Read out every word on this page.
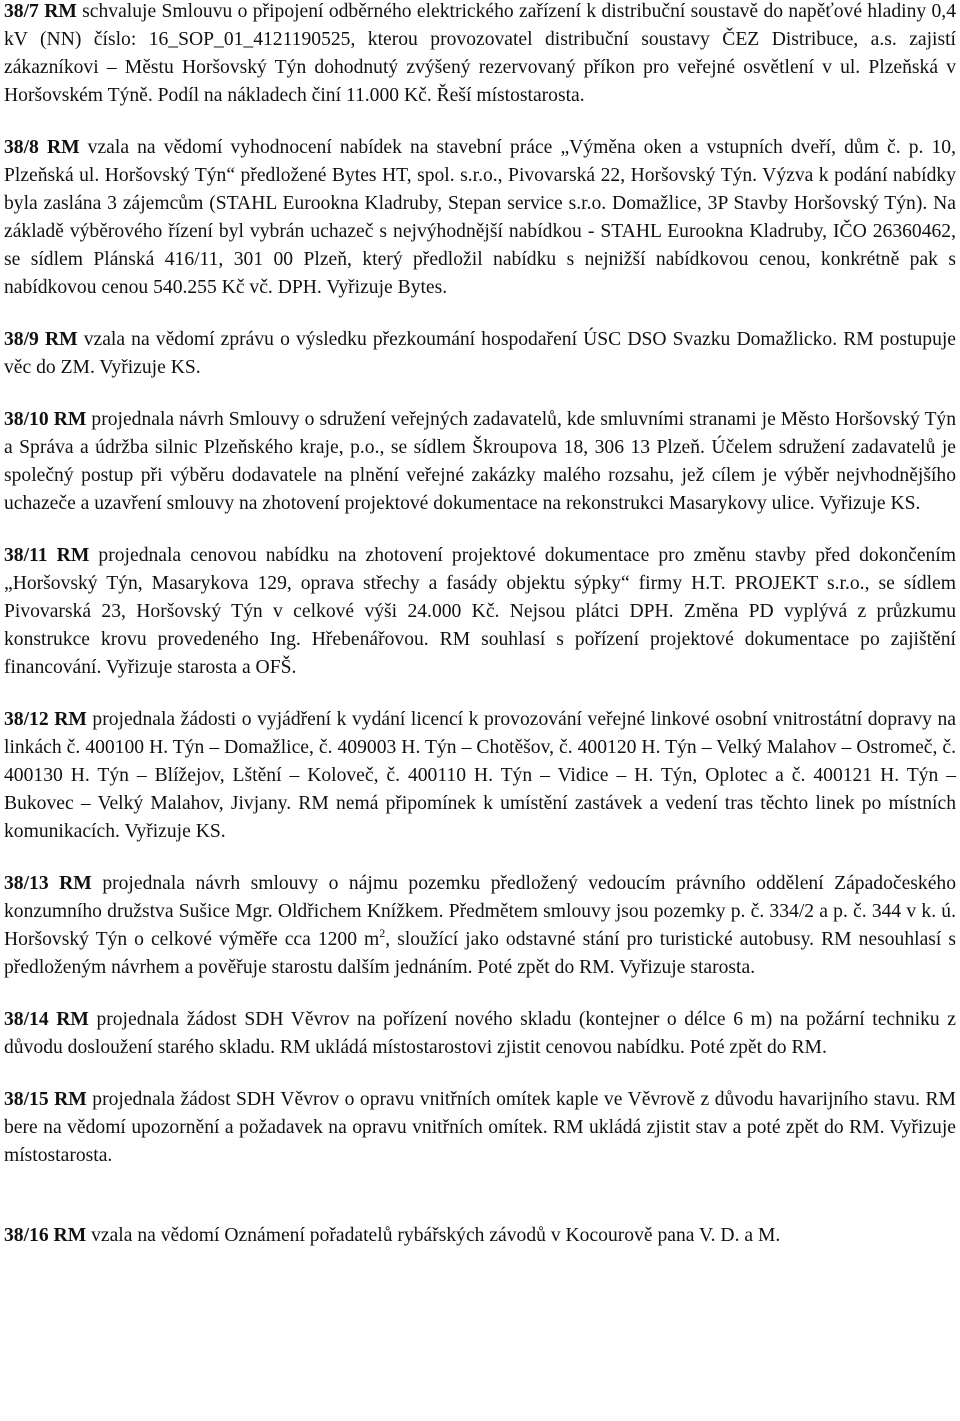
38/7 RM schvaluje Smlouvu o připojení odběrného elektrického zařízení k distribuční soustavě do napěťové hladiny 0,4 kV (NN) číslo: 16_SOP_01_4121190525, kterou provozovatel distribuční soustavy ČEZ Distribuce, a.s. zajistí zákazníkovi – Městu Horšovský Týn dohodnutý zvýšený rezervovaný příkon pro veřejné osvětlení v ul. Plzeňská v Horšovském Týně. Podíl na nákladech činí 11.000 Kč. Řeší místostarosta.

38/8 RM vzala na vědomí vyhodnocení nabídek na stavební práce „Výměna oken a vstupních dveří, dům č. p. 10, Plzeňská ul. Horšovský Týn“ předložené Bytes HT, spol. s.r.o., Pivovarská 22, Horšovský Týn. Výzva k podání nabídky byla zaslána 3 zájemcům (STAHL Eurookna Kladruby, Stepan service s.r.o. Domažlice, 3P Stavby Horšovský Týn). Na základě výběrového řízení byl vybrán uchazeč s nejvýhodnější nabídkou - STAHL Eurookna Kladruby, IČO 26360462, se sídlem Plánská 416/11, 301 00 Plzeň, který předložil nabídku s nejnižší nabídkovou cenou, konkrétně pak s nabídkovou cenou 540.255 Kč vč. DPH. Vyřizuje Bytes.

38/9 RM vzala na vědomí zprávu o výsledku přezkoumání hospodaření ÚSC DSO Svazku Domažlicko. RM postupuje věc do ZM. Vyřizuje KS.

38/10 RM projednala návrh Smlouvy o sdružení veřejných zadavatelů, kde smluvními stranami je Město Horšovský Týn a Správa a údržba silnic Plzeňského kraje, p.o., se sídlem Škroupova 18, 306 13 Plzeň. Účelem sdružení zadavatelů je společný postup při výběru dodavatele na plnění veřejné zakázky malého rozsahu, jež cílem je výběr nejvhodnějšího uchazeče a uzavření smlouvy na zhotovení projektové dokumentace na rekonstrukci Masarykovy ulice. Vyřizuje KS.

38/11 RM projednala cenovou nabídku na zhotovení projektové dokumentace pro změnu stavby před dokončením „Horšovský Týn, Masarykova 129, oprava střechy a fasády objektu sýpky“ firmy H.T. PROJEKT s.r.o., se sídlem Pivovarská 23, Horšovský Týn v celkové výši 24.000 Kč. Nejsou plátci DPH. Změna PD vyplývá z průzkumu konstrukce krovu provedeného Ing. Hřebenářovou. RM souhlasí s pořízení projektové dokumentace po zajištění financování. Vyřizuje starosta a OFŠ.

38/12 RM projednala žádosti o vyjádření k vydání licencí k provozování veřejné linkové osobní vnitrostátní dopravy na linkách č. 400100 H. Týn – Domažlice, č. 409003 H. Týn – Chotěšov, č. 400120 H. Týn – Velký Malahov – Ostromeč, č. 400130 H. Týn – Blížejov, Lštění – Koloveč, č. 400110 H. Týn – Vidice – H. Týn, Oplotec a č. 400121 H. Týn – Bukovec – Velký Malahov, Jivjany. RM nemá připomínek k umístění zastávek a vedení tras těchto linek po místních komunikacích. Vyřizuje KS.

38/13 RM projednala návrh smlouvy o nájmu pozemku předložený vedoucím právního oddělení Západočeského konzumního družstva Sušice Mgr. Oldřichem Knížkem. Předmětem smlouvy jsou pozemky p. č. 334/2 a p. č. 344 v k. ú. Horšovský Týn o celkové výměře cca 1200 $m^2$, sloužící jako odstavné stání pro turistické autobusy. RM nesouhlasí s předloženým návrhem a pověřuje starostu dalším jednáním. Poté zpět do RM. Vyřizuje starosta.

38/14 RM projednala žádost SDH Věvrov na pořízení nového skladu (kontejner o délce 6 m) na požární techniku z důvodu dosloužení starého skladu. RM ukládá místostarostovi zjistit cenovou nabídku. Poté zpět do RM.

38/15 RM projednala žádost SDH Věvrov o opravu vnitřních omítek kaple ve Věvrově z důvodu havarijního stavu. RM bere na vědomí upozornění a požadavek na opravu vnitřních omítek. RM ukládá zjistit stav a poté zpět do RM. Vyřizuje místostarosta.

38/16 RM vzala na vědomí Oznámení pořadatelů rybářských závodů v Kocourově pana V. D. a M.
